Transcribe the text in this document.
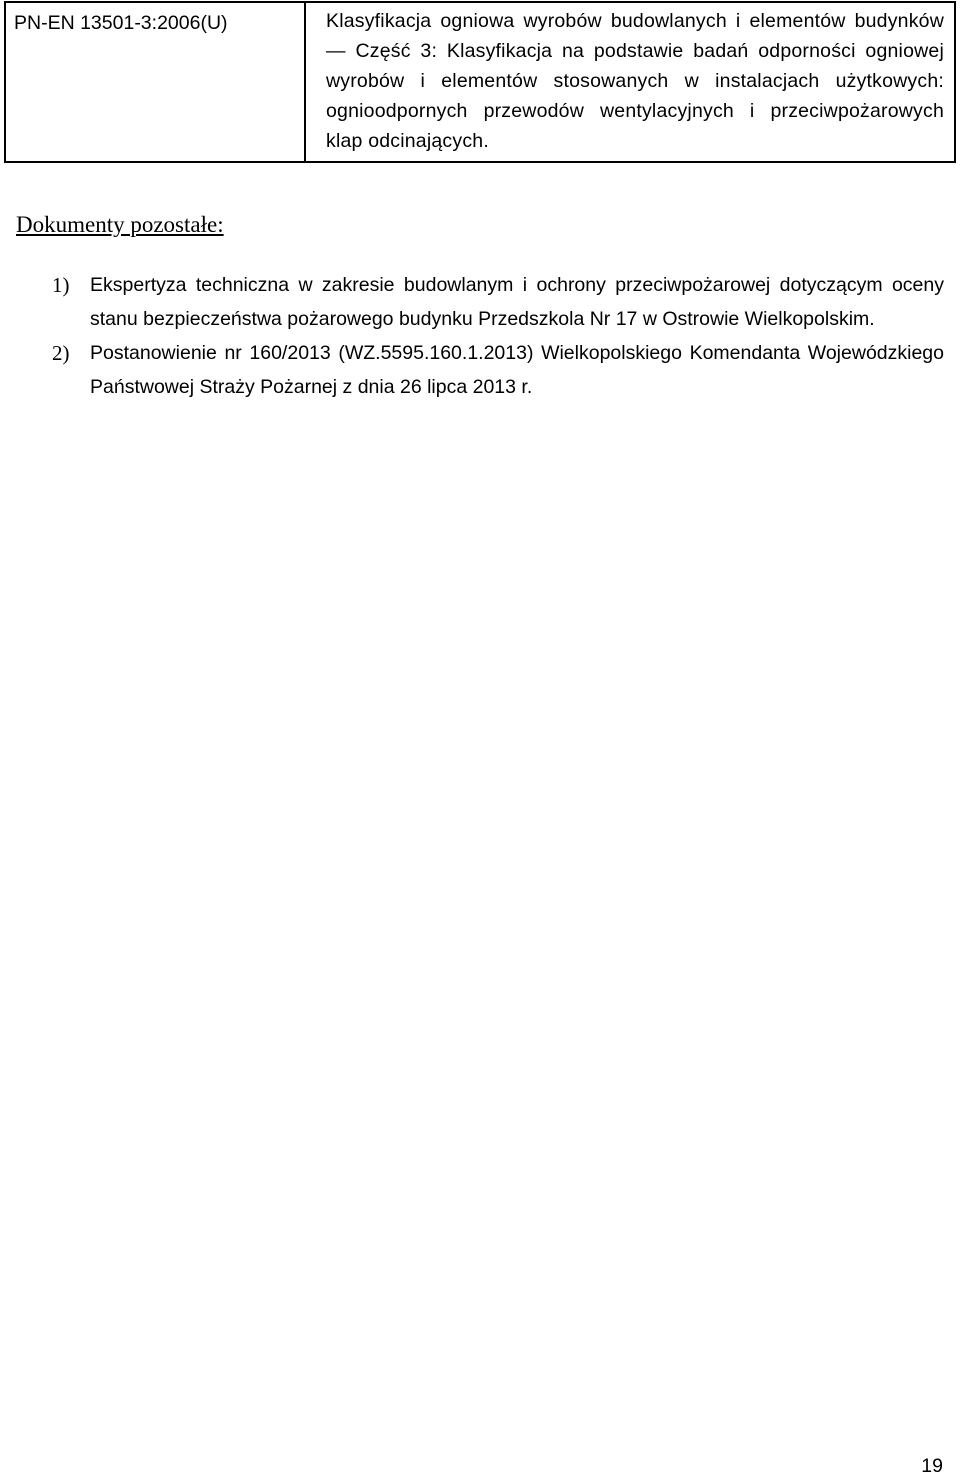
PN-EN 13501-3:2006(U)	Klasyfikacja ogniowa wyrobów budowlanych i elementów budynków — Część 3: Klasyfikacja na podstawie badań odporności ogniowej wyrobów i elementów stosowanych w instalacjach użytkowych: ognioodpornych przewodów wentylacyjnych i przeciwpożarowych klap odcinających.
Dokumenty pozostałe:
1) Ekspertyza techniczna w zakresie budowlanym i ochrony przeciwpożarowej dotyczącym oceny stanu bezpieczeństwa pożarowego budynku Przedszkola Nr 17 w Ostrowie Wielkopolskim.
2) Postanowienie nr 160/2013 (WZ.5595.160.1.2013) Wielkopolskiego Komendanta Wojewódzkiego Państwowej Straży Pożarnej z dnia 26 lipca 2013 r.
19
